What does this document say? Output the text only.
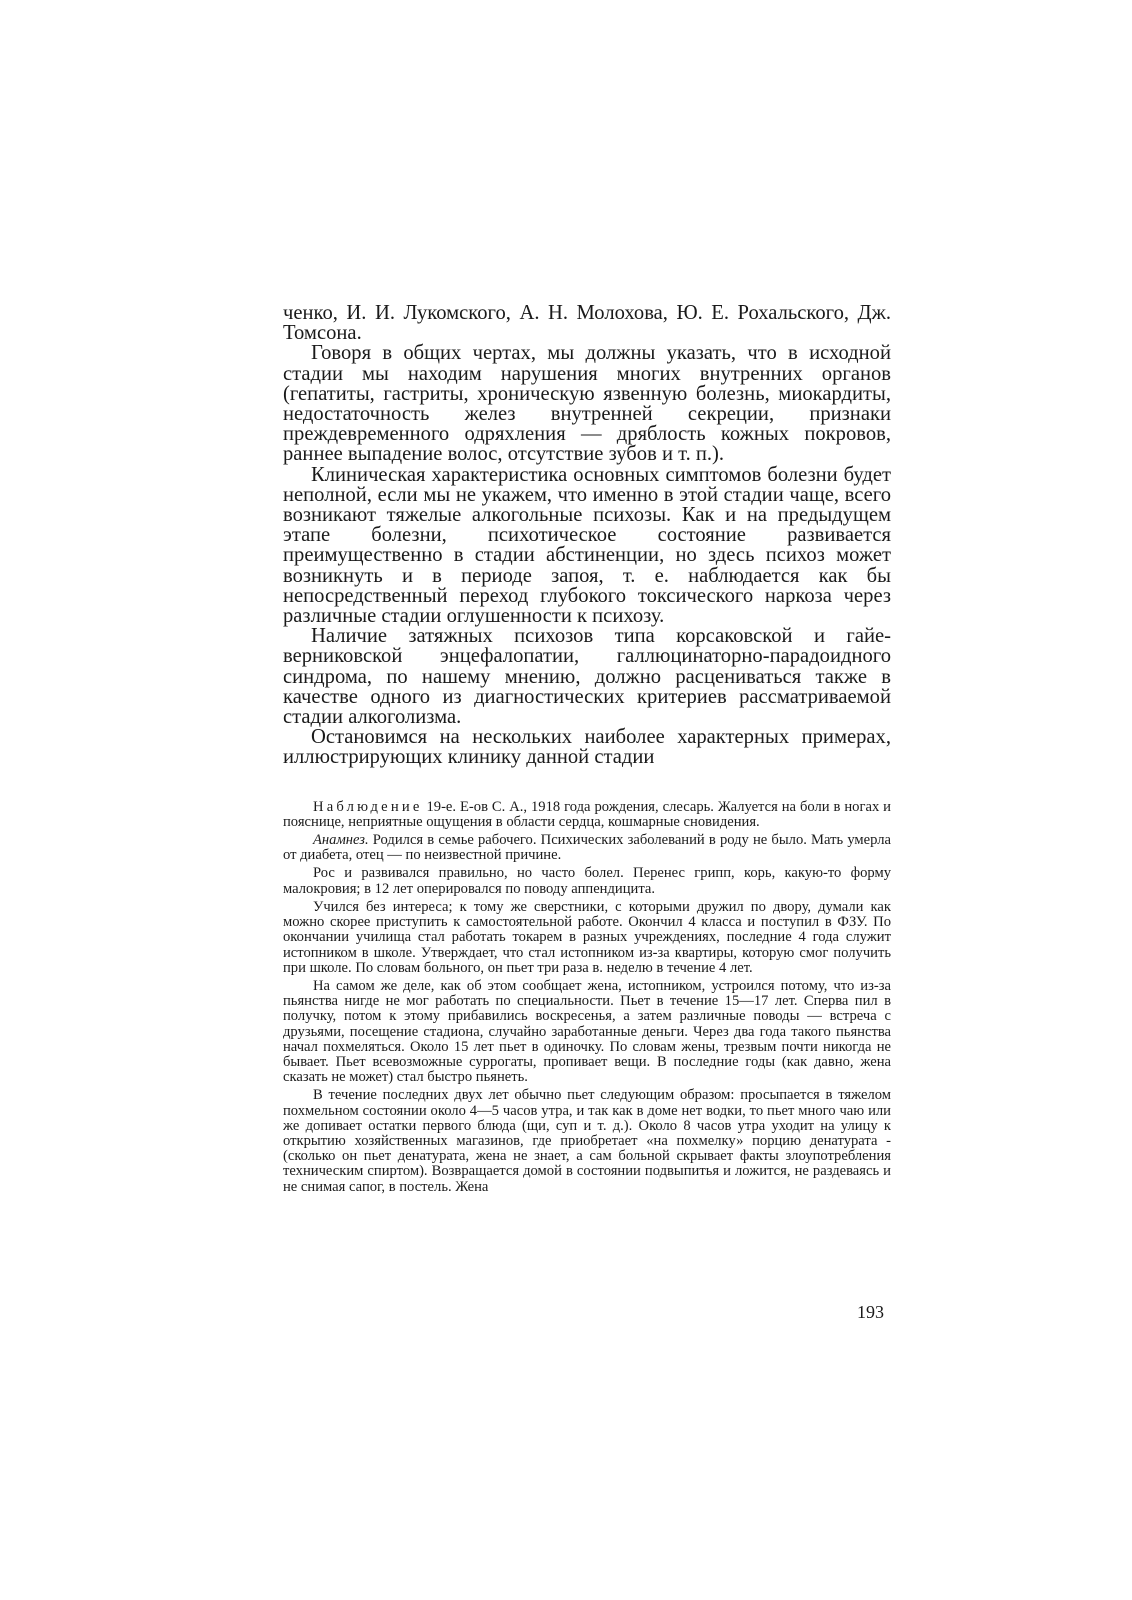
ченко, И. И. Лукомского, А. Н. Молохова, Ю. Е. Рохальского, Дж. Томсона.

Говоря в общих чертах, мы должны указать, что в исходной стадии мы находим нарушения многих внутренних органов (гепатиты, гастриты, хроническую язвенную болезнь, миокардиты, недостаточность желез внутренней секреции, признаки преждевременного одряхления — дряблость кожных покровов, раннее выпадение волос, отсутствие зубов и т. п.).

Клиническая характеристика основных симптомов болезни будет неполной, если мы не укажем, что именно в этой стадии чаще, всего возникают тяжелые алкогольные психозы. Как и на предыдущем этапе болезни, психотическое состояние развивается преимущественно в стадии абстиненции, но здесь психоз может возникнуть и в периоде запоя, т. е. наблюдается как бы непосредственный переход глубокого токсического наркоза через различные стадии оглушенности к психозу.

Наличие затяжных психозов типа корсаковской и гайе-верниковской энцефалопатии, галлюцинаторно-парадоидного синдрома, по нашему мнению, должно расцениваться также в качестве одного из диагностических критериев рассматриваемой стадии алкоголизма.

Остановимся на нескольких наиболее характерных примерах, иллюстрирующих клинику данной стадии

Наблюдение 19-е. Е-ов С. А., 1918 года рождения, слесарь. Жалуется на боли в ногах и пояснице, неприятные ощущения в области сердца, кошмарные сновидения.

Анамнез. Родился в семье рабочего. Психических заболеваний в роду не было. Мать умерла от диабета, отец — по неизвестной причине.

Рос и развивался правильно, но часто болел. Перенес грипп, корь, какую-то форму малокровия; в 12 лет оперировался по поводу аппендицита.

Учился без интереса; к тому же сверстники, с которыми дружил по двору, думали как можно скорее приступить к самостоятельной работе. Окончил 4 класса и поступил в ФЗУ. По окончании училища стал работать токарем в разных учреждениях, последние 4 года служит истопником в школе. Утверждает, что стал истопником из-за квартиры, которую смог получить при школе. По словам больного, он пьет три раза в. неделю в течение 4 лет.

На самом же деле, как об этом сообщает жена, истопником, устроился потому, что из-за пьянства нигде не мог работать по специальности. Пьет в течение 15—17 лет. Сперва пил в получку, потом к этому прибавились воскресенья, а затем различные поводы — встреча с друзьями, посещение стадиона, случайно заработанные деньги. Через два года такого пьянства начал похмеляться. Около 15 лет пьет в одиночку. По словам жены, трезвым почти никогда не бывает. Пьет всевозможные суррогаты, пропивает вещи. В последние годы (как давно, жена сказать не может) стал быстро пьянеть.

В течение последних двух лет обычно пьет следующим образом: просыпается в тяжелом похмельном состоянии около 4—5 часов утра, и так как в доме нет водки, то пьет много чаю или же допивает остатки первого блюда (щи, суп и т. д.). Около 8 часов утра уходит на улицу к открытию хозяйственных магазинов, где приобретает «на похмелку» порцию денатурата -(сколько он пьет денатурата, жена не знает, а сам больной скрывает факты злоупотребления техническим спиртом). Возвращается домой в состоянии подвыпитья и ложится, не раздеваясь и не снимая сапог, в постель. Жена

193
